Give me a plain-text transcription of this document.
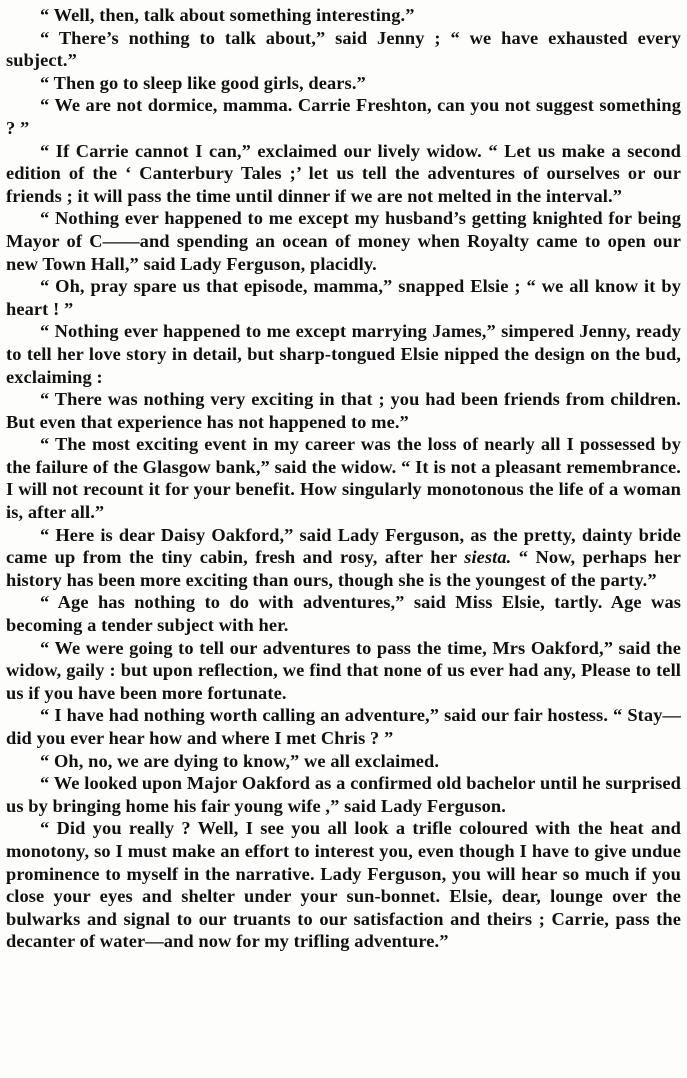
“ Well, then, talk about something interesting.”

“ There’s nothing to talk about,” said Jenny ; “ we have exhausted every subject.”

“ Then go to sleep like good girls, dears.”

“ We are not dormice, mamma. Carrie Freshton, can you not suggest something ? ”

“ If Carrie cannot I can,” exclaimed our lively widow. “ Let us make a second edition of the ‘ Canterbury Tales ;’ let us tell the adventures of ourselves or our friends ; it will pass the time until dinner if we are not melted in the interval.”

“ Nothing ever happened to me except my husband’s getting knighted for being Mayor of C——and spending an ocean of money when Royalty came to open our new Town Hall,” said Lady Ferguson, placidly.

“ Oh, pray spare us that episode, mamma,” snapped Elsie ; “ we all know it by heart ! ”

“ Nothing ever happened to me except marrying James,” simpered Jenny, ready to tell her love story in detail, but sharp-tongued Elsie nipped the design on the bud, exclaiming :

“ There was nothing very exciting in that ; you had been friends from children. But even that experience has not happened to me.”

“ The most exciting event in my career was the loss of nearly all I possessed by the failure of the Glasgow bank,” said the widow. “ It is not a pleasant remembrance. I will not recount it for your benefit. How singularly monotonous the life of a woman is, after all.”

“ Here is dear Daisy Oakford,” said Lady Ferguson, as the pretty, dainty bride came up from the tiny cabin, fresh and rosy, after her siesta. “ Now, perhaps her history has been more exciting than ours, though she is the youngest of the party.”

“ Age has nothing to do with adventures,” said Miss Elsie, tartly. Age was becoming a tender subject with her.

“ We were going to tell our adventures to pass the time, Mrs Oakford,” said the widow, gaily : but upon reflection, we find that none of us ever had any, Please to tell us if you have been more fortunate.

“ I have had nothing worth calling an adventure,” said our fair hostess. “ Stay—did you ever hear how and where I met Chris ? ”

“ Oh, no, we are dying to know,” we all exclaimed.

“ We looked upon Major Oakford as a confirmed old bachelor until he surprised us by bringing home his fair young wife ,” said Lady Ferguson.

“ Did you really ? Well, I see you all look a trifle coloured with the heat and monotony, so I must make an effort to interest you, even though I have to give undue prominence to myself in the narrative. Lady Ferguson, you will hear so much if you close your eyes and shelter under your sun-bonnet. Elsie, dear, lounge over the bulwarks and signal to our truants to our satisfaction and theirs ; Carrie, pass the decanter of water—and now for my trifling adventure.”
